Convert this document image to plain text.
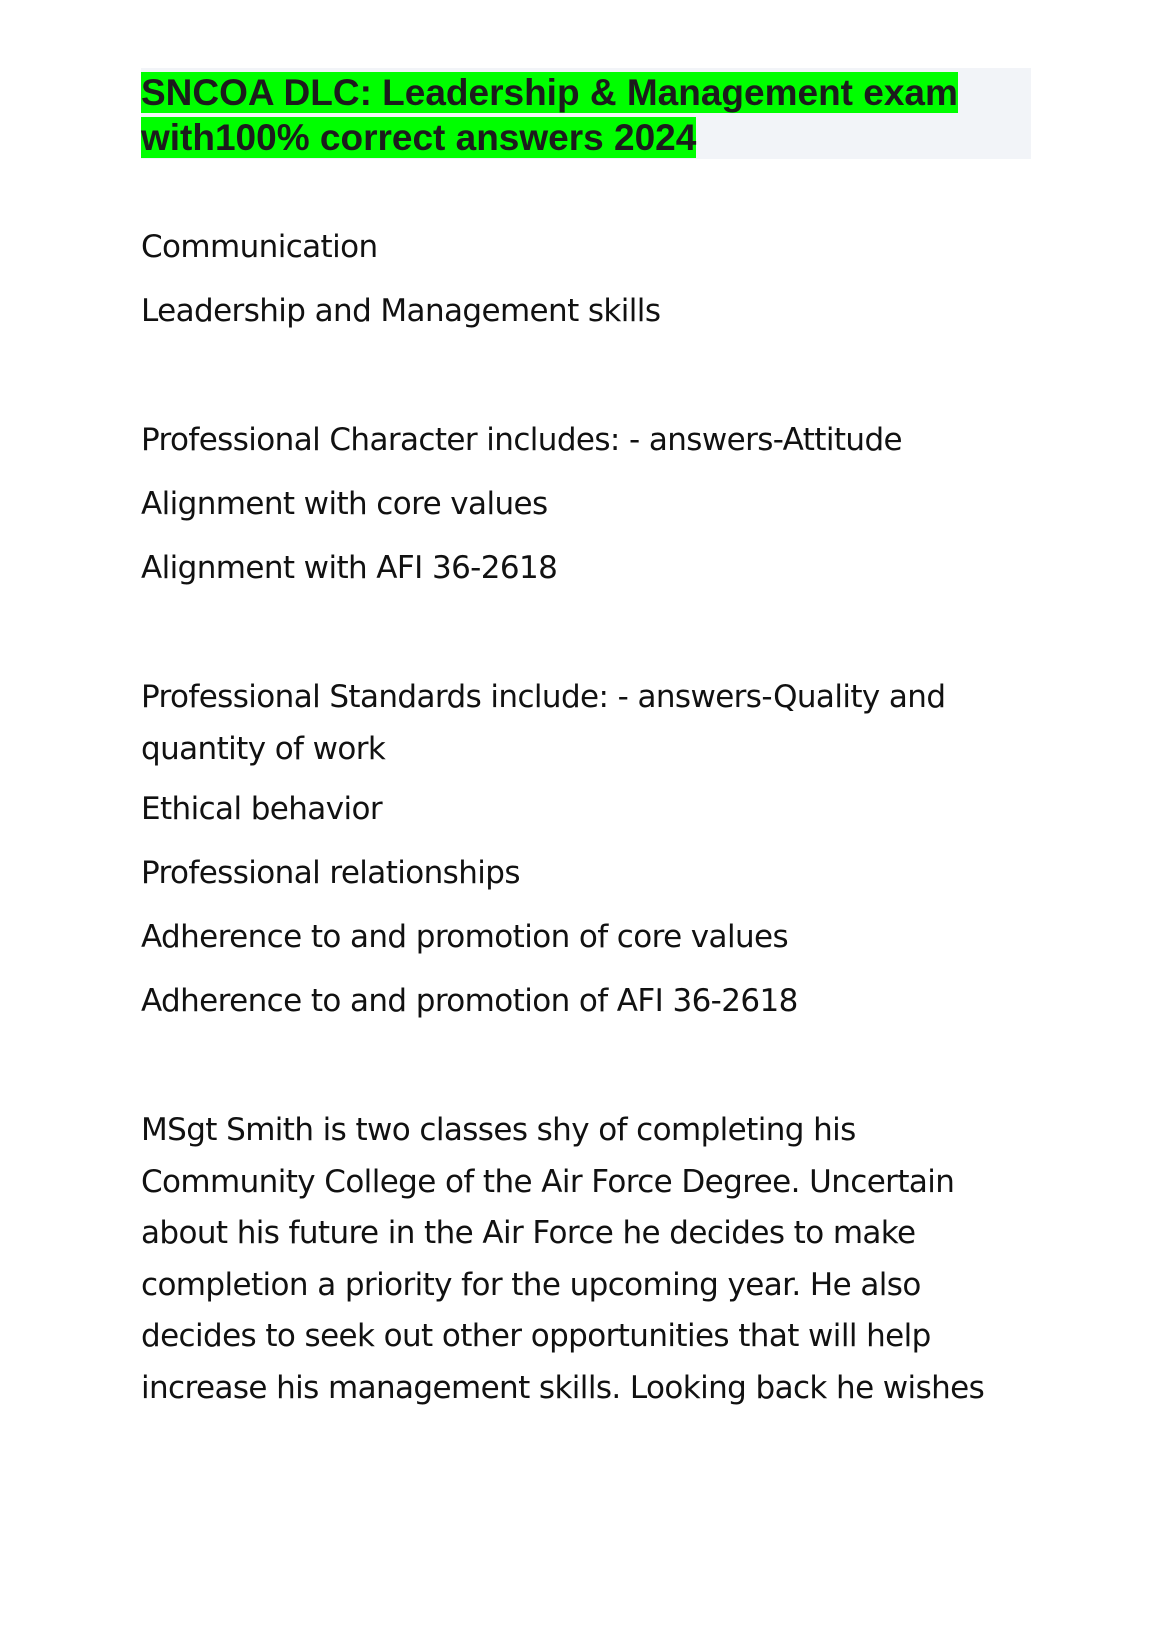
SNCOA DLC: Leadership & Management exam with100% correct answers 2024

Communication

Leadership and Management skills

Professional Character includes: - answers-Attitude

Alignment with core values

Alignment with AFI 36-2618

Professional Standards include: - answers-Quality and quantity of work

Ethical behavior

Professional relationships

Adherence to and promotion of core values

Adherence to and promotion of AFI 36-2618

MSgt Smith is two classes shy of completing his Community College of the Air Force Degree. Uncertain about his future in the Air Force he decides to make completion a priority for the upcoming year. He also decides to seek out other opportunities that will help increase his management skills. Looking back he wishes
